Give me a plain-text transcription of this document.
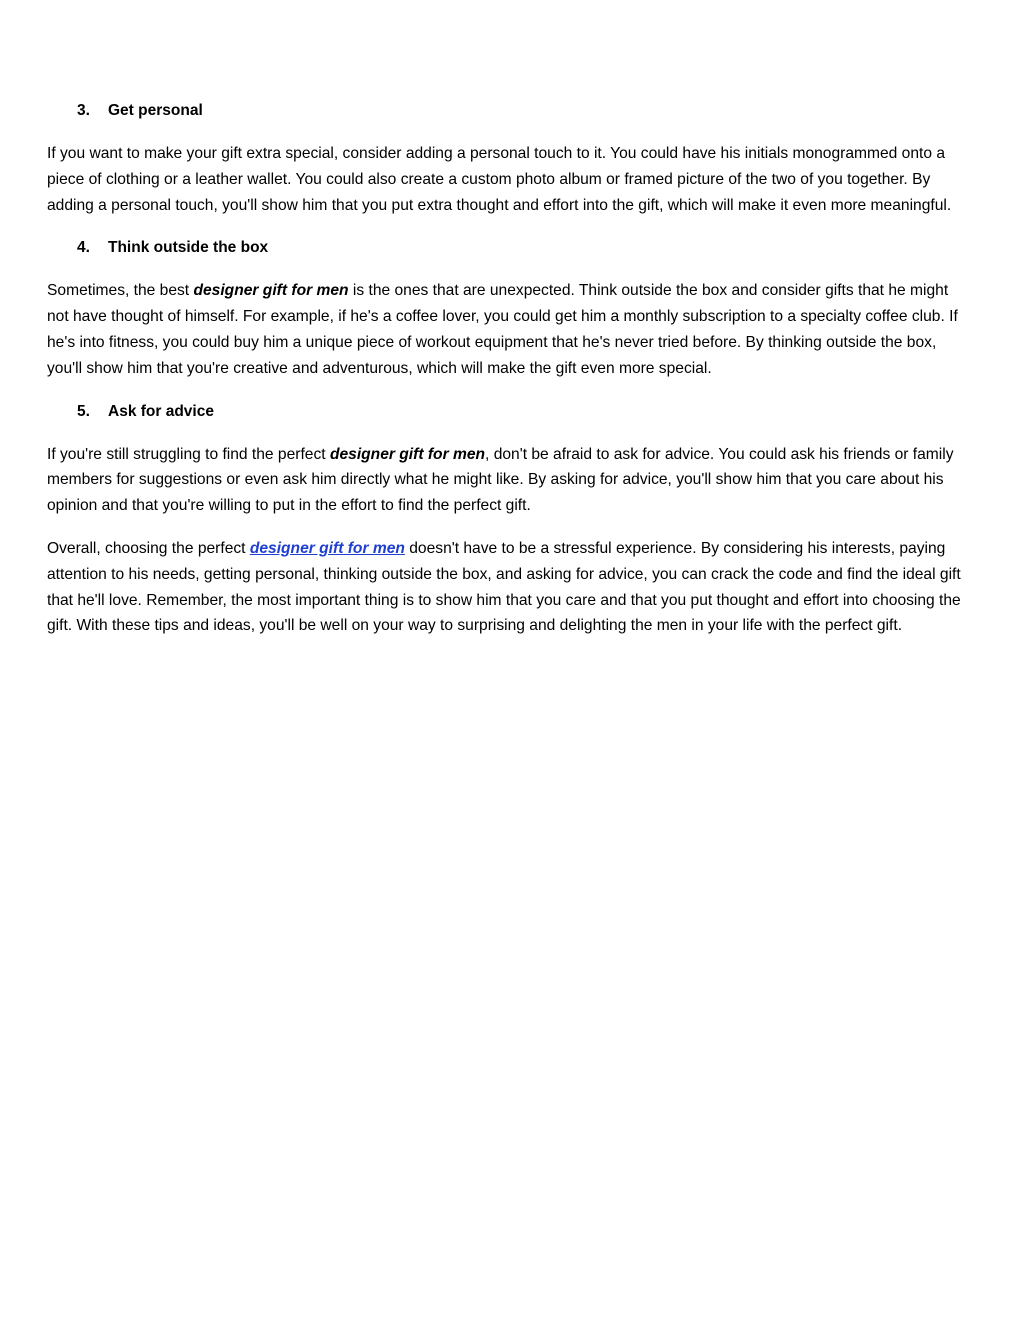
3.	Get personal

If you want to make your gift extra special, consider adding a personal touch to it. You could have his initials monogrammed onto a piece of clothing or a leather wallet. You could also create a custom photo album or framed picture of the two of you together. By adding a personal touch, you'll show him that you put extra thought and effort into the gift, which will make it even more meaningful.

4.	Think outside the box

Sometimes, the best designer gift for men is the ones that are unexpected. Think outside the box and consider gifts that he might not have thought of himself. For example, if he's a coffee lover, you could get him a monthly subscription to a specialty coffee club. If he's into fitness, you could buy him a unique piece of workout equipment that he's never tried before. By thinking outside the box, you'll show him that you're creative and adventurous, which will make the gift even more special.

5.	Ask for advice

If you're still struggling to find the perfect designer gift for men, don't be afraid to ask for advice. You could ask his friends or family members for suggestions or even ask him directly what he might like. By asking for advice, you'll show him that you care about his opinion and that you're willing to put in the effort to find the perfect gift.

Overall, choosing the perfect designer gift for men doesn't have to be a stressful experience. By considering his interests, paying attention to his needs, getting personal, thinking outside the box, and asking for advice, you can crack the code and find the ideal gift that he'll love. Remember, the most important thing is to show him that you care and that you put thought and effort into choosing the gift. With these tips and ideas, you'll be well on your way to surprising and delighting the men in your life with the perfect gift.
